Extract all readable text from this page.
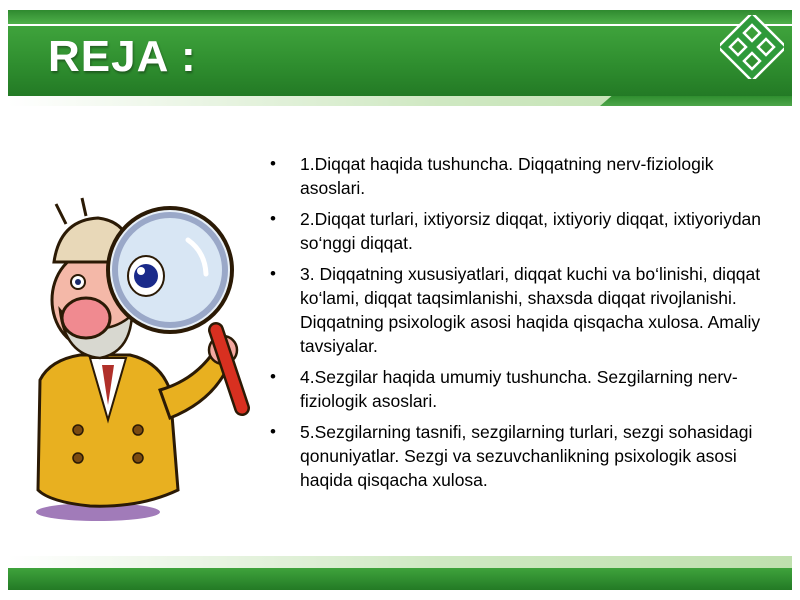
REJA :
• 1.Diqqat haqida tushuncha. Diqqatning nerv-fiziologik asoslari.
• 2.Diqqat turlari, ixtiyorsiz diqqat, ixtiyoriy diqqat, ixtiyoriydan so‘nggi diqqat.
• 3. Diqqatning xususiyatlari, diqqat kuchi va bo‘linishi, diqqat ko‘lami, diqqat taqsimlanishi, shaxsda diqqat rivojlanishi. Diqqatning psixologik asosi haqida qisqacha xulosa. Amaliy tavsiyalar.
• 4.Sezgilar haqida umumiy tushuncha. Sezgilarning nerv-fiziologik asoslari.
• 5.Sezgilarning tasnifi, sezgilarning turlari, sezgi sohasidagi qonuniyatlar. Sezgi va sezuvchanlikning psixologik asosi haqida qisqacha xulosa.
